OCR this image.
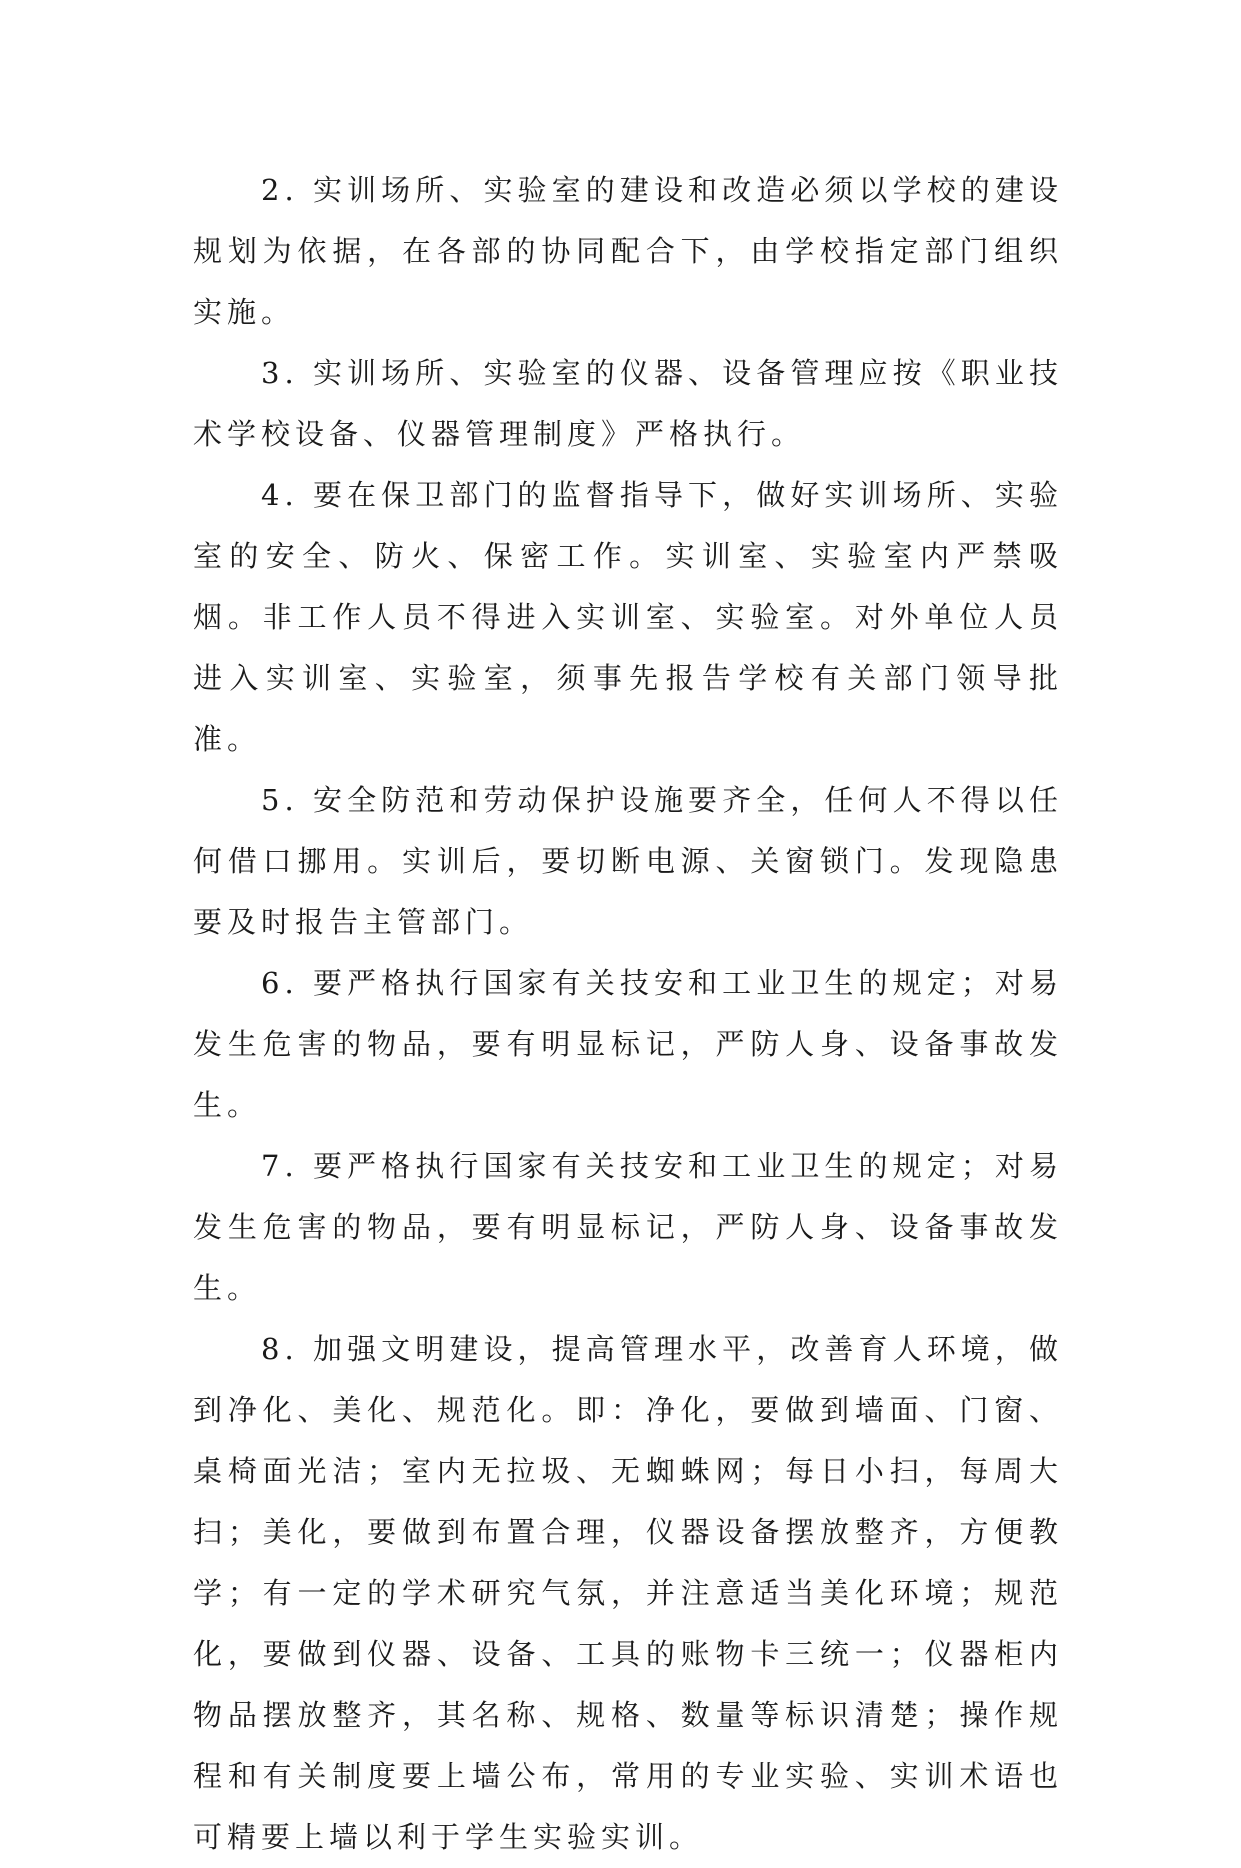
2. 实训场所、实验室的建设和改造必须以学校的建设规划为依据，在各部的协同配合下，由学校指定部门组织实施。

3. 实训场所、实验室的仪器、设备管理应按《职业技术学校设备、仪器管理制度》严格执行。

4. 要在保卫部门的监督指导下，做好实训场所、实验室的安全、防火、保密工作。实训室、实验室内严禁吸烟。非工作人员不得进入实训室、实验室。对外单位人员进入实训室、实验室，须事先报告学校有关部门领导批准。

5. 安全防范和劳动保护设施要齐全，任何人不得以任何借口挪用。实训后，要切断电源、关窗锁门。发现隐患要及时报告主管部门。

6. 要严格执行国家有关技安和工业卫生的规定；对易发生危害的物品，要有明显标记，严防人身、设备事故发生。

7. 要严格执行国家有关技安和工业卫生的规定；对易发生危害的物品，要有明显标记，严防人身、设备事故发生。

8. 加强文明建设，提高管理水平，改善育人环境，做到净化、美化、规范化。即：净化，要做到墙面、门窗、桌椅面光洁；室内无拉圾、无蜘蛛网；每日小扫，每周大扫；美化，要做到布置合理，仪器设备摆放整齐，方便教学；有一定的学术研究气氛，并注意适当美化环境；规范化，要做到仪器、设备、工具的账物卡三统一；仪器柜内物品摆放整齐，其名称、规格、数量等标识清楚；操作规程和有关制度要上墙公布，常用的专业实验、实训术语也可精要上墙以利于学生实验实训。
